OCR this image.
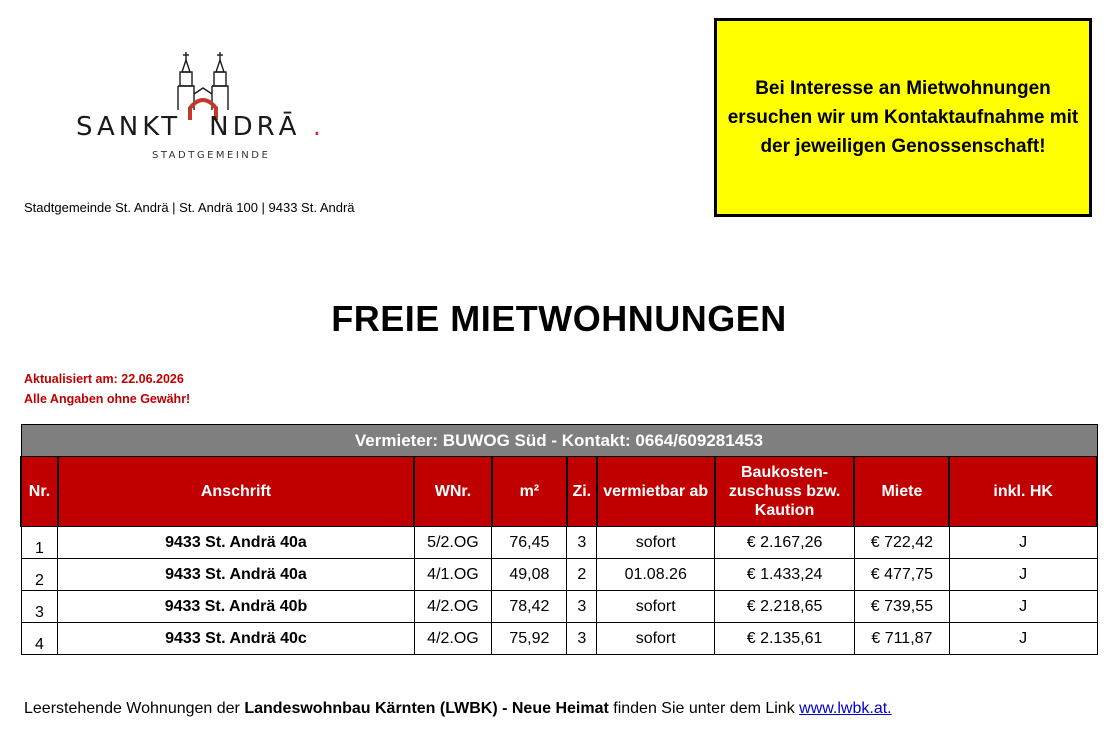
SANKT NDRĀ .
STADTGEMEINDE
Stadtgemeinde St. Andrä | St. Andrä 100 | 9433 St. Andrä
Bei Interesse an Mietwohnungen ersuchen wir um Kontaktaufnahme mit der jeweiligen Genossenschaft!
FREIE MIETWOHNUNGEN
Aktualisiert am: 22.06.2026
Alle Angaben ohne Gewähr!
Vermieter: BUWOG Süd - Kontakt: 0664/609281453								
Nr.	Anschrift	WNr.	m²	Zi.	vermietbar ab	Baukosten-zuschuss bzw. Kaution	Miete	inkl. HK
1	9433 St. Andrä 40a	5/2.OG	76,45	3	sofort	€ 2.167,26	€ 722,42	J
2	9433 St. Andrä 40a	4/1.OG	49,08	2	01.08.26	€ 1.433,24	€ 477,75	J
3	9433 St. Andrä 40b	4/2.OG	78,42	3	sofort	€ 2.218,65	€ 739,55	J
4	9433 St. Andrä 40c	4/2.OG	75,92	3	sofort	€ 2.135,61	€ 711,87	J
Leerstehende Wohnungen der Landeswohnbau Kärnten (LWBK) - Neue Heimat finden Sie unter dem Link www.lwbk.at.
